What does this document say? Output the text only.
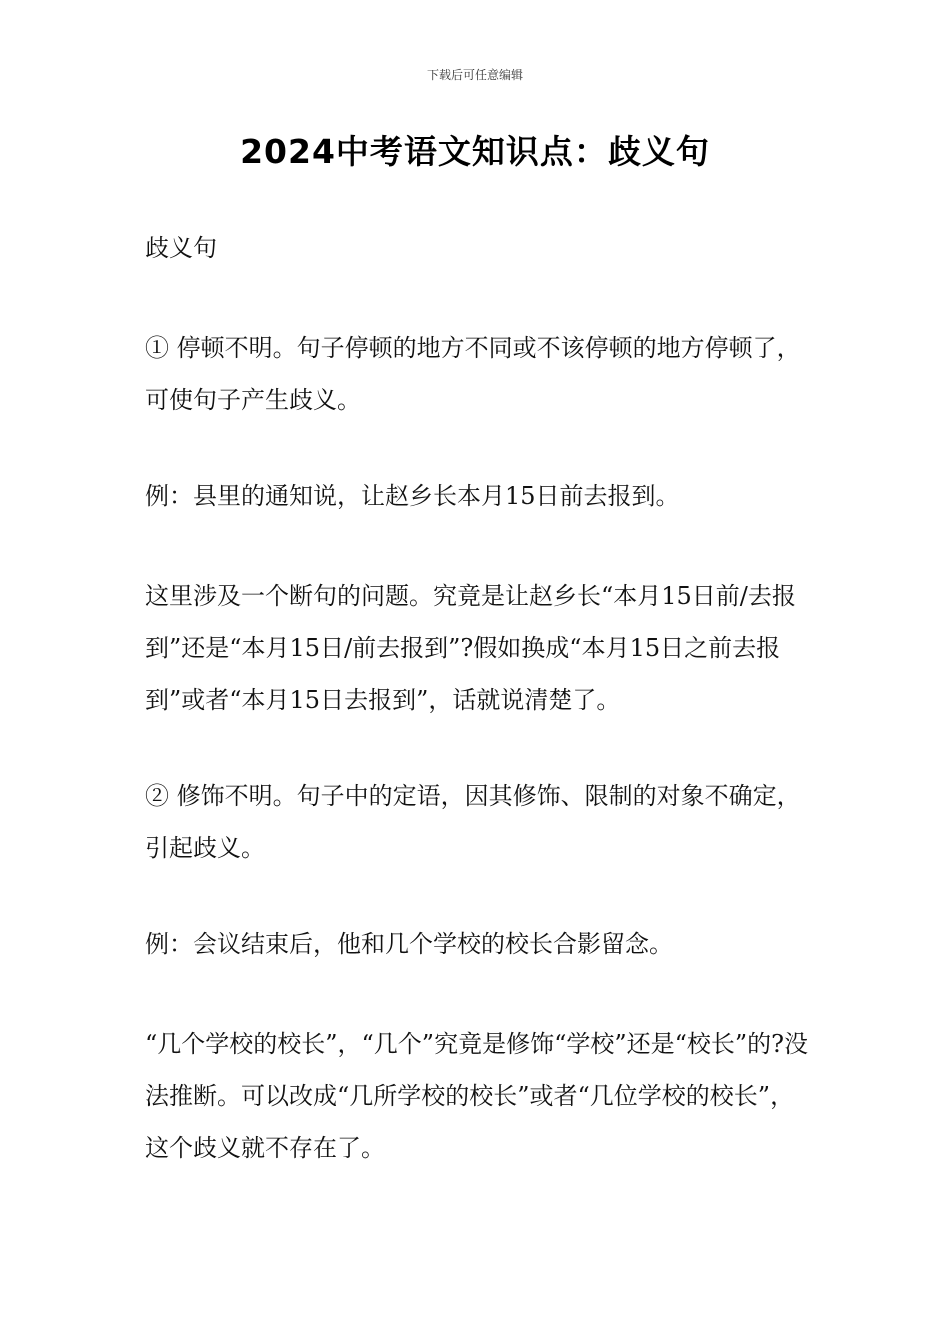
下载后可任意编辑
2024中考语文知识点：歧义句

歧义句

① 停顿不明。句子停顿的地方不同或不该停顿的地方停顿了，可使句子产生歧义。

例：县里的通知说，让赵乡长本月15日前去报到。

这里涉及一个断句的问题。究竟是让赵乡长“本月15日前/去报到”还是“本月15日/前去报到”?假如换成“本月15日之前去报到”或者“本月15日去报到”，话就说清楚了。

② 修饰不明。句子中的定语，因其修饰、限制的对象不确定，引起歧义。

例：会议结束后，他和几个学校的校长合影留念。

“几个学校的校长”，“几个”究竟是修饰“学校”还是“校长”的?没法推断。可以改成“几所学校的校长”或者“几位学校的校长”，这个歧义就不存在了。
